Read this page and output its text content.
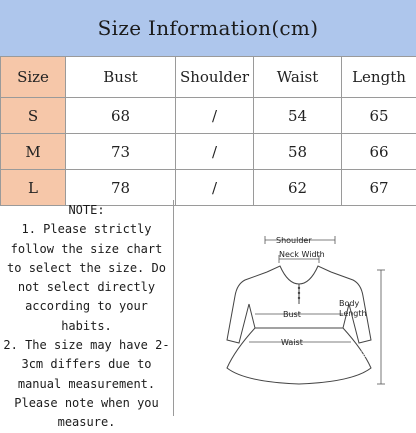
Size Information(cm)
Size	Bust	Shoulder	Waist	Length
S	68	/	54	65
M	73	/	58	66
L	78	/	62	67
NOTE:
1. Please strictly
follow the size chart
to select the size. Do
not select directly
according to your
habits.
2. The size may have 2-
3cm differs due to
manual measurement.
Please note when you
measure.
Shoulder
Neck Width
Bust
Waist
Body
Length
Store No. 11003525
